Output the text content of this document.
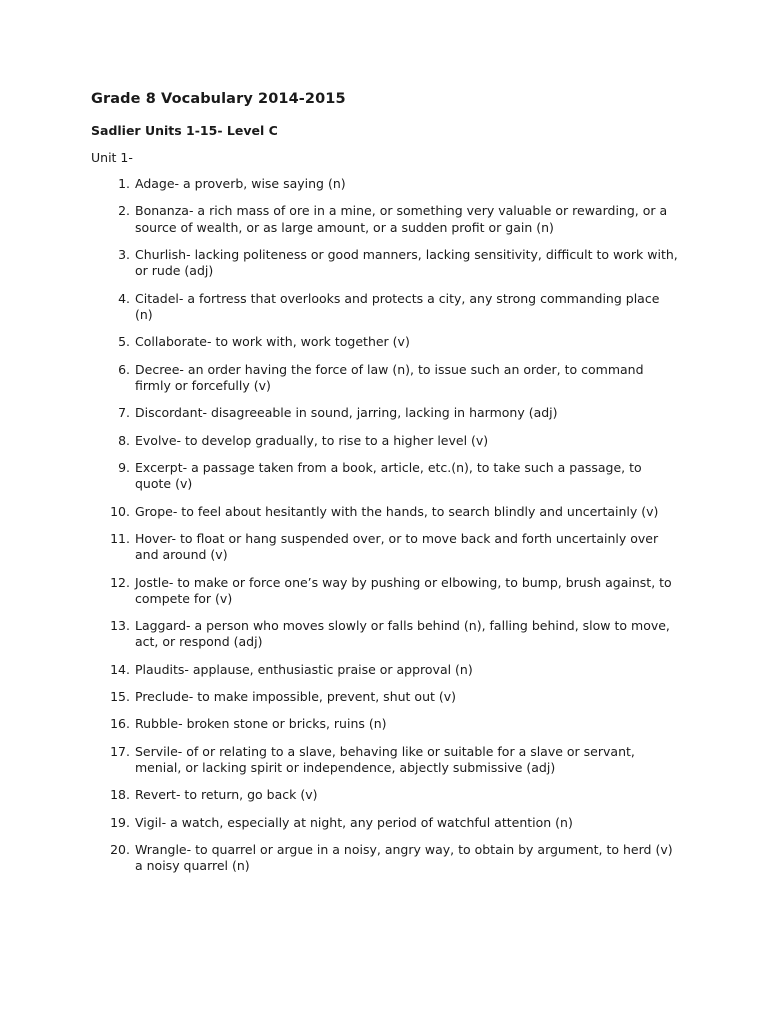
Grade 8 Vocabulary 2014-2015
Sadlier Units 1-15- Level C

Unit 1-

1. Adage- a proverb, wise saying (n)
2. Bonanza- a rich mass of ore in a mine, or something very valuable or rewarding, or a source of wealth, or as large amount, or a sudden profit or gain (n)
3. Churlish- lacking politeness or good manners, lacking sensitivity, difficult to work with, or rude (adj)
4. Citadel- a fortress that overlooks and protects a city, any strong commanding place (n)
5. Collaborate- to work with, work together (v)
6. Decree- an order having the force of law (n), to issue such an order, to command firmly or forcefully (v)
7. Discordant- disagreeable in sound, jarring, lacking in harmony (adj)
8. Evolve- to develop gradually, to rise to a higher level (v)
9. Excerpt- a passage taken from a book, article, etc.(n), to take such a passage, to quote (v)
10. Grope- to feel about hesitantly with the hands, to search blindly and uncertainly (v)
11. Hover- to float or hang suspended over, or to move back and forth uncertainly over and around (v)
12. Jostle- to make or force one’s way by pushing or elbowing, to bump, brush against, to compete for (v)
13. Laggard- a person who moves slowly or falls behind (n), falling behind, slow to move, act, or respond (adj)
14. Plaudits- applause, enthusiastic praise or approval (n)
15. Preclude- to make impossible, prevent, shut out (v)
16. Rubble- broken stone or bricks, ruins (n)
17. Servile- of or relating to a slave, behaving like or suitable for a slave or servant, menial, or lacking spirit or independence, abjectly submissive (adj)
18. Revert- to return, go back (v)
19. Vigil- a watch, especially at night, any period of watchful attention (n)
20. Wrangle- to quarrel or argue in a noisy, angry way, to obtain by argument, to herd (v) a noisy quarrel (n)
